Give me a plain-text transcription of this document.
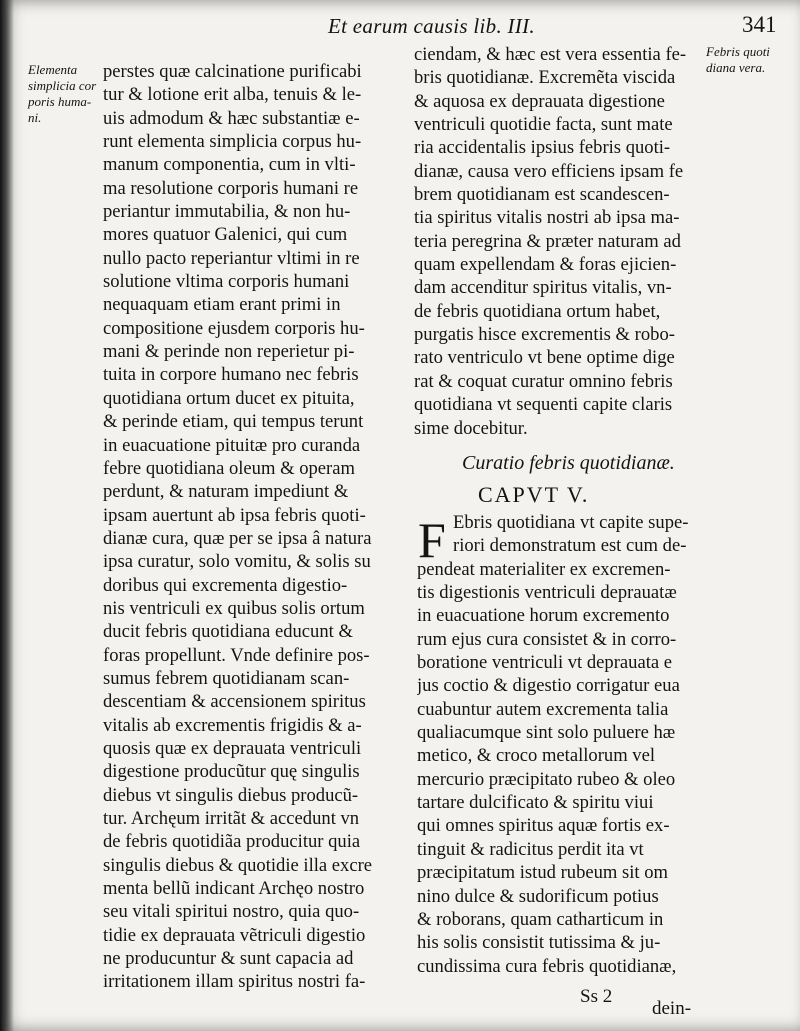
Et earum causis lib. III.	341
Elementa
simplicia cor
poris huma-
ni.
Febris quoti
diana vera.
perstes quæ calcinatione purificabi
tur & lotione erit alba, tenuis & le-
uis admodum & hæc substantiæ e-
runt elementa simplicia corpus hu-
manum componentia, cum in vlti-
ma resolutione corporis humani re
periantur immutabilia, & non hu-
mores quatuor Galenici, qui cum
nullo pacto reperiantur vltimi in re
solutione vltima corporis humani
nequaquam etiam erant primi in
compositione ejusdem corporis hu-
mani & perinde non reperietur pi-
tuita in corpore humano nec febris
quotidiana ortum ducet ex pituita,
& perinde etiam, qui tempus terunt
in euacuatione pituitæ pro curanda
febre quotidiana oleum & operam
perdunt, & naturam impediunt &
ipsam auertunt ab ipsa febris quoti-
dianæ cura, quæ per se ipsa â natura
ipsa curatur, solo vomitu, & solis su
doribus qui excrementa digestio-
nis ventriculi ex quibus solis ortum
ducit febris quotidiana educunt &
foras propellunt. Vnde definire pos-
sumus febrem quotidianam scan-
descentiam & accensionem spiritus
vitalis ab excrementis frigidis & a-
quosis quæ ex deprauata ventriculi
digestione producũtur quę singulis
diebus vt singulis diebus producũ-
tur. Archęum irritãt & accedunt vn
de febris quotidiãa producitur quia
singulis diebus & quotidie illa excre
menta bellũ indicant Archęo nostro
seu vitali spiritui nostro, quia quo-
tidie ex deprauata vẽtriculi digestio
ne producuntur & sunt capacia ad
irritationem illam spiritus nostri fa-
ciendam, & hæc est vera essentia fe-
bris quotidianæ. Excremẽta viscida
& aquosa ex deprauata digestione
ventriculi quotidie facta, sunt mate
ria accidentalis ipsius febris quoti-
dianæ, causa vero efficiens ipsam fe
brem quotidianam est scandescen-
tia spiritus vitalis nostri ab ipsa ma-
teria peregrina & præter naturam ad
quam expellendam & foras ejicien-
dam accenditur spiritus vitalis, vn-
de febris quotidiana ortum habet,
purgatis hisce excrementis & robo-
rato ventriculo vt bene optime dige
rat & coquat curatur omnino febris
quotidiana vt sequenti capite claris
sime docebitur.
Curatio febris quotidianæ.
CAPVT V.
F Ebris quotidiana vt capite supe-
riori demonstratum est cum de-
pendeat materialiter ex excremen-
tis digestionis ventriculi deprauatæ
in euacuatione horum excremento
rum ejus cura consistet & in corro-
boratione ventriculi vt deprauata e
jus coctio & digestio corrigatur eua
cuabuntur autem excrementa talia
qualiacumque sint solo puluere hæ
metico, & croco metallorum vel
mercurio præcipitato rubeo & oleo
tartare dulcificato & spiritu viui
qui omnes spiritus aquæ fortis ex-
tinguit & radicitus perdit ita vt
præcipitatum istud rubeum sit om
nino dulce & sudorificum potius
& roborans, quam catharticum in
his solis consistit tutissima & ju-
cundissima cura febris quotidianæ,
Ss 2
dein-
